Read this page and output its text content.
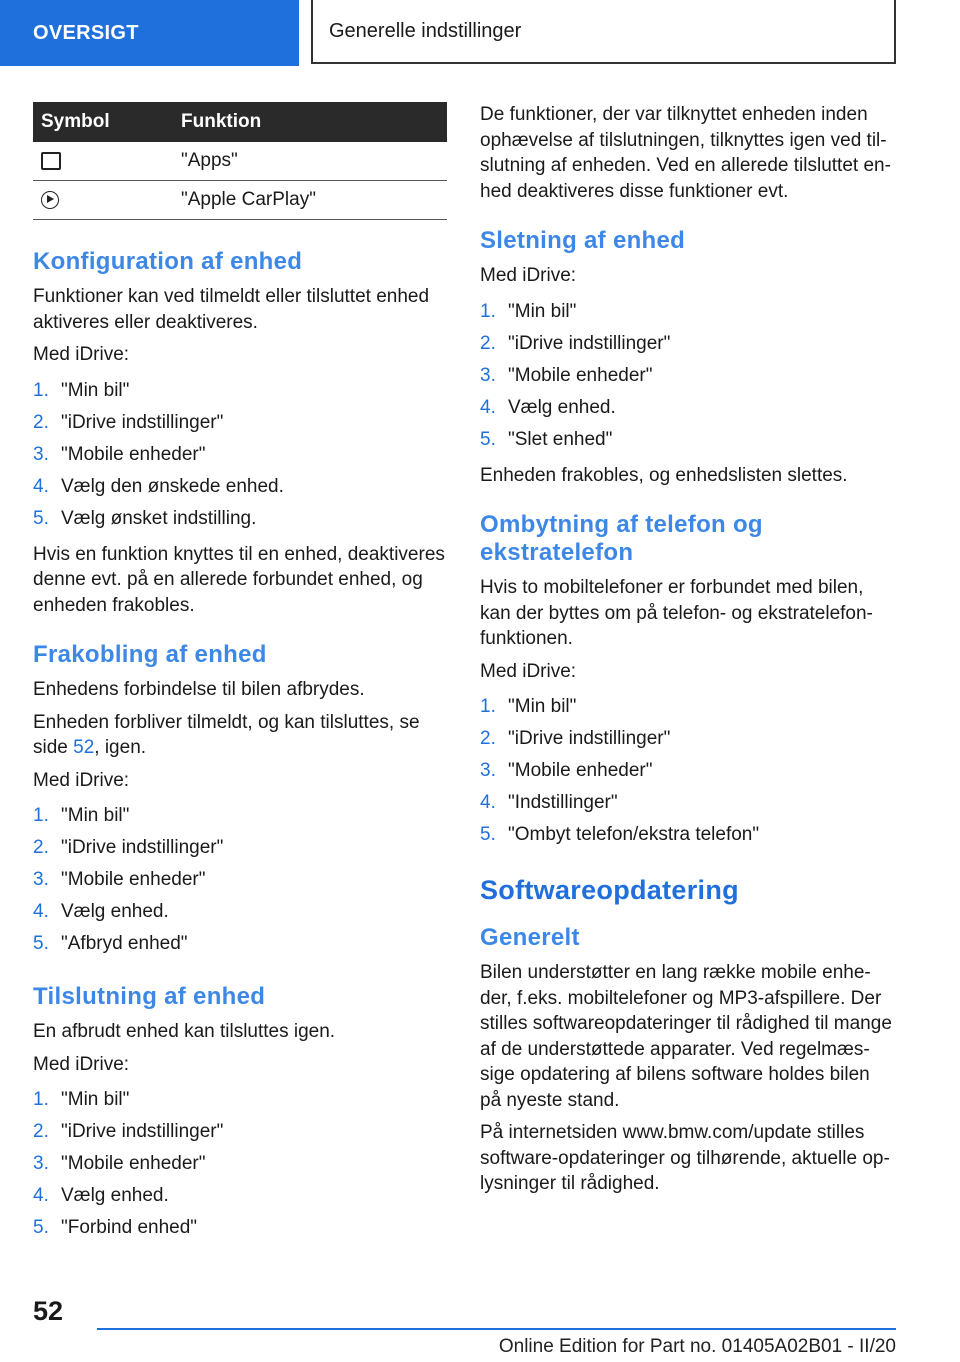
OVERSIGT	Generelle indstillinger
Symbol	Funktion
	"Apps"
	"Apple CarPlay"
Konfiguration af enhed

Funktioner kan ved tilmeldt eller tilsluttet enhed aktiveres eller deaktiveres.

Med iDrive:

1. "Min bil"
2. "iDrive indstillinger"
3. "Mobile enheder"
4. Vælg den ønskede enhed.
5. Vælg ønsket indstilling.

Hvis en funktion knyttes til en enhed, deaktiveres denne evt. på en allerede forbundet enhed, og enheden frakobles.

Frakobling af enhed

Enhedens forbindelse til bilen afbrydes.

Enheden forbliver tilmeldt, og kan tilsluttes, se side 52, igen.

Med iDrive:

1. "Min bil"
2. "iDrive indstillinger"
3. "Mobile enheder"
4. Vælg enhed.
5. "Afbryd enhed"
Tilslutning af enhed

En afbrudt enhed kan tilsluttes igen.

Med iDrive:

1. "Min bil"
2. "iDrive indstillinger"
3. "Mobile enheder"
4. Vælg enhed.
5. "Forbind enhed"

De funktioner, der var tilknyttet enheden inden ophævelse af tilslutningen, tilknyttes igen ved til-slutning af enheden. Ved en allerede tilsluttet en-hed deaktiveres disse funktioner evt.

Sletning af enhed

Med iDrive:

1. "Min bil"
2. "iDrive indstillinger"
3. "Mobile enheder"
4. Vælg enhed.
5. "Slet enhed"

Enheden frakobles, og enhedslisten slettes.

Ombytning af telefon og ekstratelefon

Hvis to mobiltelefoner er forbundet med bilen, kan der byttes om på telefon- og ekstratelefon-funktionen.

Med iDrive:

1. "Min bil"
2. "iDrive indstillinger"
3. "Mobile enheder"
4. "Indstillinger"
5. "Ombyt telefon/ekstra telefon"
Softwareopdatering
Generelt

Bilen understøtter en lang række mobile enhe-der, f.eks. mobiltelefoner og MP3-afspillere. Der stilles softwareopdateringer til rådighed til mange af de understøttede apparater. Ved regelmæs-sige opdatering af bilens software holdes bilen på nyeste stand.

På internetsiden www.bmw.com/update stilles software-opdateringer og tilhørende, aktuelle op-lysninger til rådighed.

52
Online Edition for Part no. 01405A02B01 - II/20
